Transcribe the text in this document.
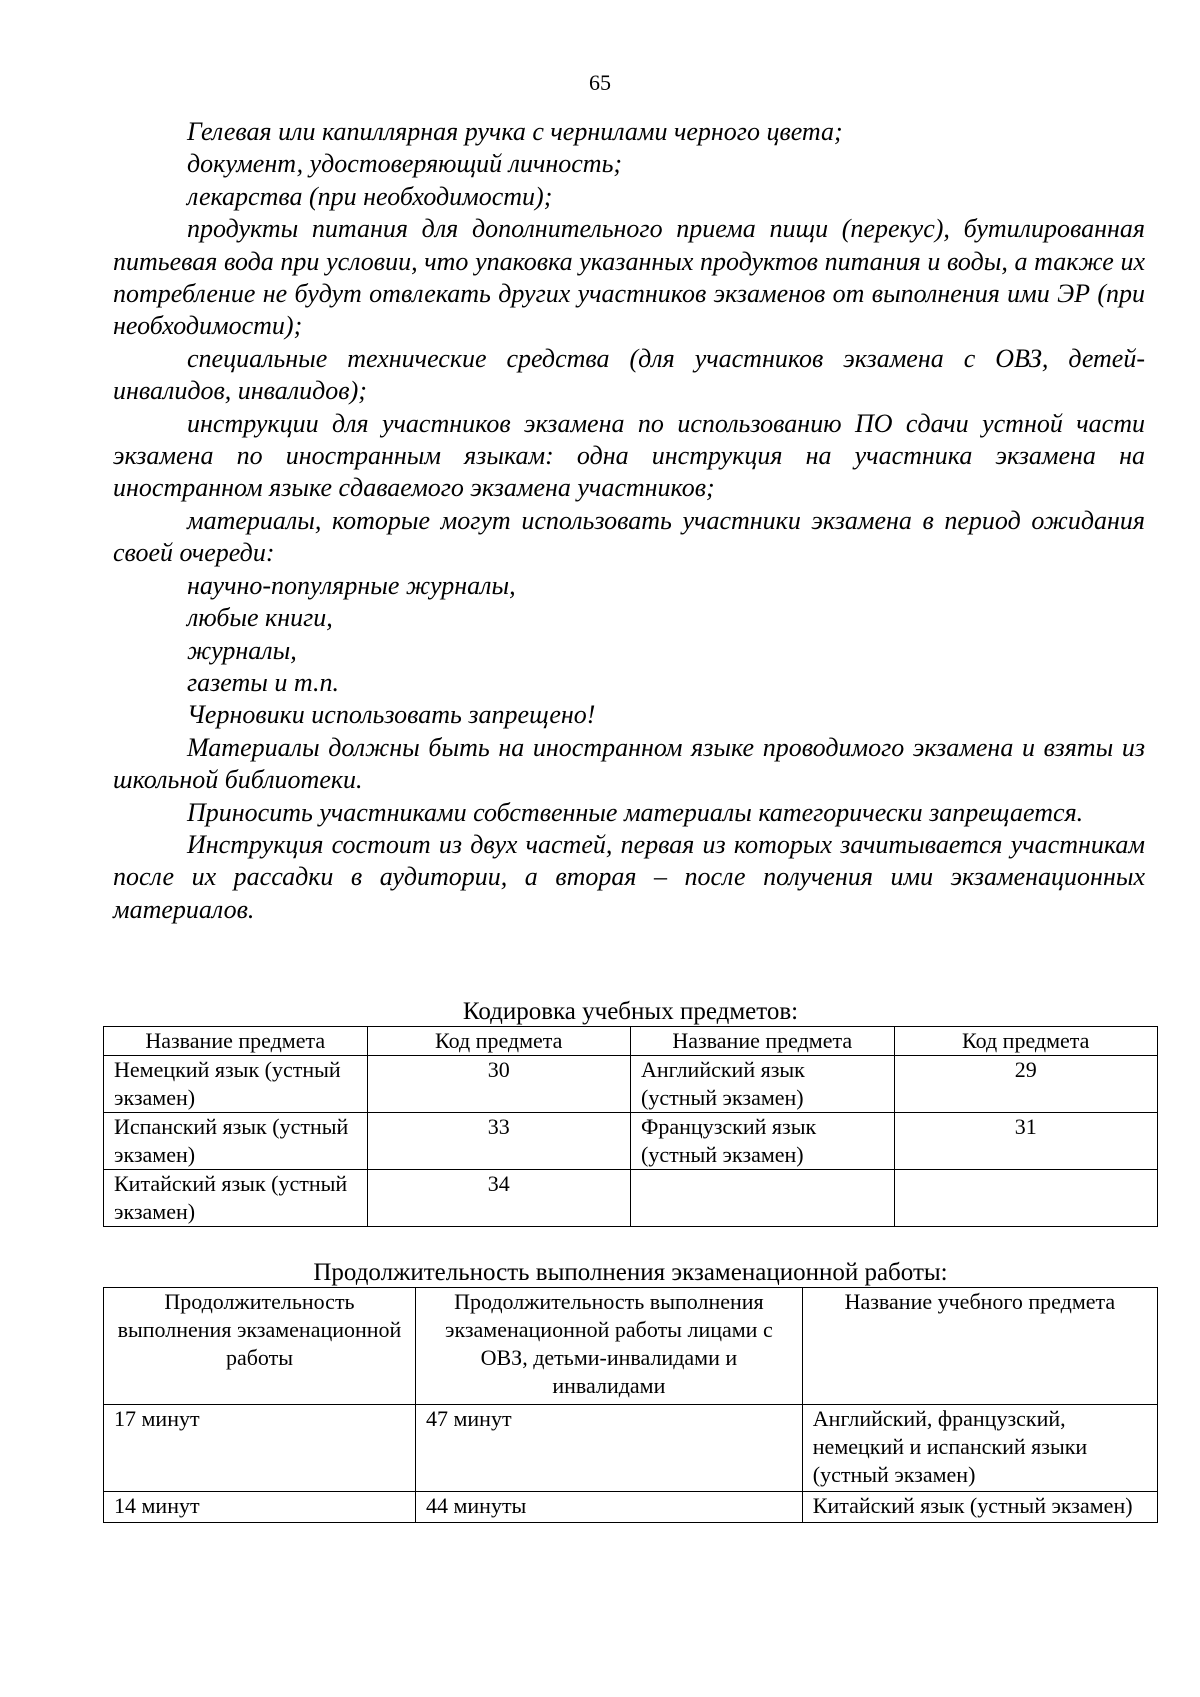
65

Гелевая или капиллярная ручка с чернилами черного цвета;

документ, удостоверяющий личность;

лекарства (при необходимости);

продукты питания для дополнительного приема пищи (перекус), бутилированная питьевая вода при условии, что упаковка указанных продуктов питания и воды, а также их потребление не будут отвлекать других участников экзаменов от выполнения ими ЭР (при необходимости);

специальные технические средства (для участников экзамена с ОВЗ, детей-инвалидов, инвалидов);

инструкции для участников экзамена по использованию ПО сдачи устной части экзамена по иностранным языкам: одна инструкция на участника экзамена на иностранном языке сдаваемого экзамена участников;

материалы, которые могут использовать участники экзамена в период ожидания своей очереди:

научно-популярные журналы,

любые книги,

журналы,

газеты и т.п.

Черновики использовать запрещено!

Материалы должны быть на иностранном языке проводимого экзамена и взяты из школьной библиотеки.

Приносить участниками собственные материалы категорически запрещается.

Инструкция состоит из двух частей, первая из которых зачитывается участникам после их рассадки в аудитории, а вторая – после получения ими экзаменационных материалов.

Кодировка учебных предметов:
Название предмета	Код предмета	Название предмета	Код предмета
Немецкий язык (устный экзамен)	30	Английский язык (устный экзамен)	29
Испанский язык (устный экзамен)	33	Французский язык (устный экзамен)	31
Китайский язык (устный экзамен)	34		
Продолжительность выполнения экзаменационной работы:
Продолжительность выполнения экзаменационной работы	Продолжительность выполнения экзаменационной работы лицами с ОВЗ, детьми-инвалидами и инвалидами	Название учебного предмета
17 минут	47 минут	Английский, французский, немецкий и испанский языки (устный экзамен)
14 минут	44 минуты	Китайский язык (устный экзамен)
